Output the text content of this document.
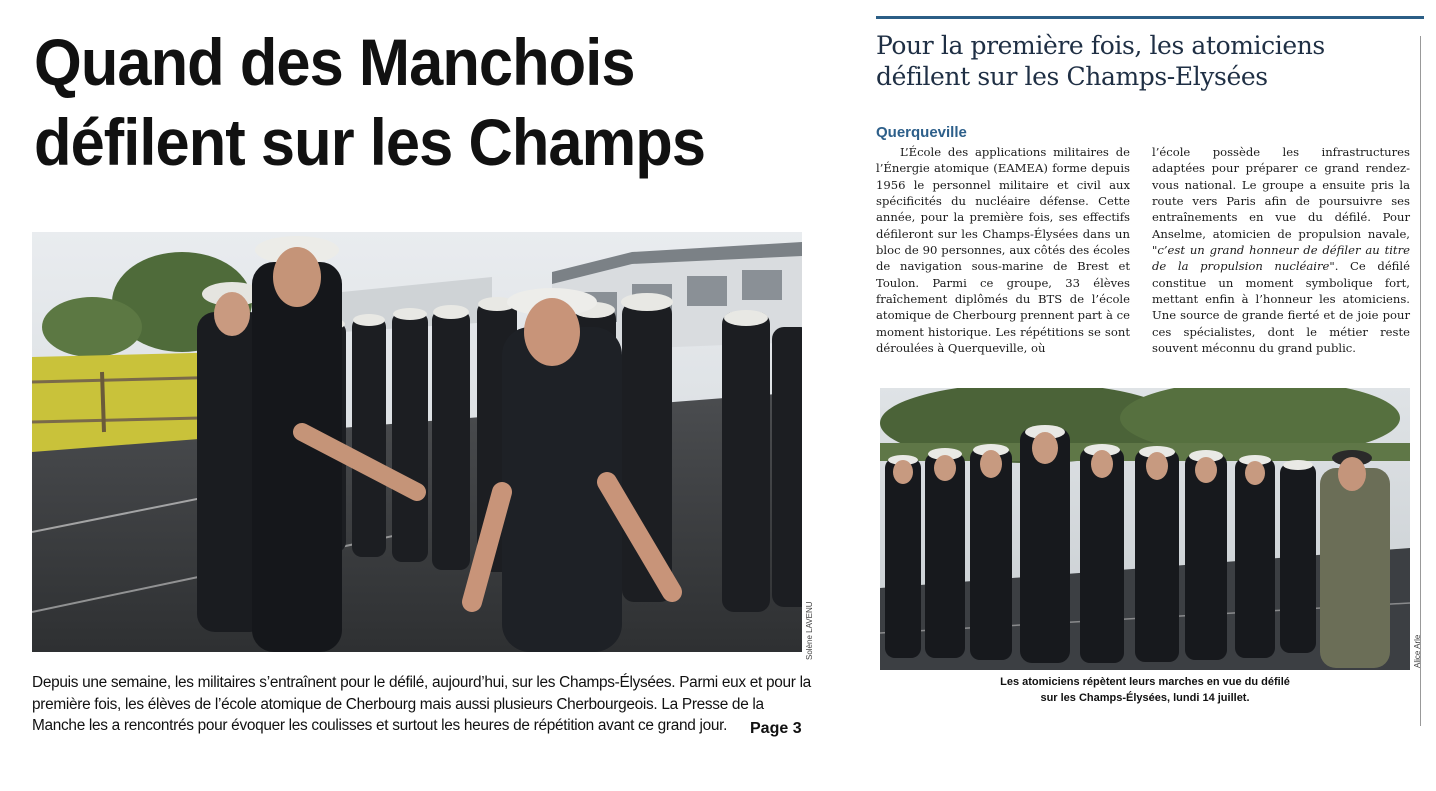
Quand des Manchois
défilent sur les Champs
Solène LAVENU

Depuis une semaine, les militaires s’entraînent pour le défilé, aujourd’hui, sur les Champs-Élysées. Parmi eux et pour la première fois, les élèves de l’école atomique de Cherbourg mais aussi plusieurs Cherbourgeois. La Presse de la Manche les a rencontrés pour évoquer les coulisses et surtout les heures de répétition avant ce grand jour.	Page 3
Pour la première fois, les atomiciens
défilent sur les Champs-Elysées
Querqueville

L’École des applications militaires de l’Énergie atomique (EAMEA) forme depuis 1956 le personnel militaire et civil aux spécificités du nucléaire défense. Cette année, pour la première fois, ses effectifs défileront sur les Champs-Élysées dans un bloc de 90 personnes, aux côtés des écoles de navigation sous-marine de Brest et Toulon. Parmi ce groupe, 33 élèves fraîchement diplômés du BTS de l’école atomique de Cherbourg prennent part à ce moment historique. Les répétitions se sont déroulées à Querqueville, où

l’école possède les infrastructures adaptées pour préparer ce grand rendez-vous national. Le groupe a ensuite pris la route vers Paris afin de poursuivre ses entraînements en vue du défilé. Pour Anselme, atomicien de propulsion navale, "c’est un grand honneur de défiler au titre de la propulsion nucléaire". Ce défilé constitue un moment symbolique fort, mettant enfin à l’honneur les atomiciens. Une source de grande fierté et de joie pour ces spécialistes, dont le métier reste souvent méconnu du grand public.

Alice Arle

Les atomiciens répètent leurs marches en vue du défilé
sur les Champs-Élysées, lundi 14 juillet.
